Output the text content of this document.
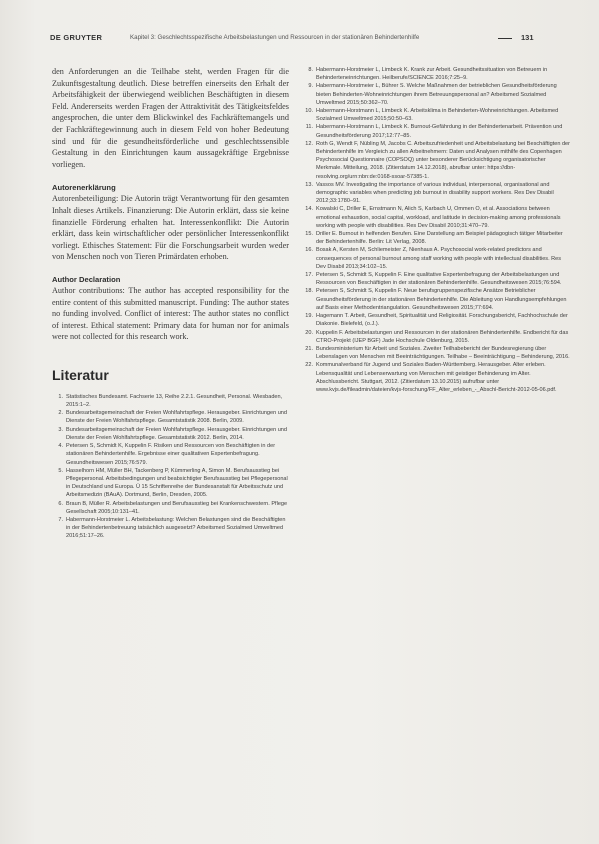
DE GRUYTER	Kapitel 3: Geschlechtsspezifische Arbeitsbelastungen und Ressourcen in der stationären Behindertenhilfe	131

den Anforderungen an die Teilhabe steht, werden Fragen für die Zukunftsgestaltung deutlich. Diese betreffen einerseits den Erhalt der Arbeitsfähigkeit der überwiegend weiblichen Beschäftigten in diesem Feld. Andererseits werden Fragen der Attraktivität des Tätigkeitsfeldes angesprochen, die unter dem Blickwinkel des Fachkräftemangels und der Fachkräftegewinnung auch in diesem Feld von hoher Bedeutung sind und für die gesundheitsförderliche und geschlechtssensible Gestaltung in den Einrichtungen kaum aussagekräftige Ergebnisse vorliegen.

Autorenerklärung

Autorenbeteiligung: Die Autorin trägt Verantwortung für den gesamten Inhalt dieses Artikels. Finanzierung: Die Autorin erklärt, dass sie keine finanzielle Förderung erhalten hat. Interessenkonflikt: Die Autorin erklärt, dass kein wirtschaftlicher oder persönlicher Interessenkonflikt vorliegt. Ethisches Statement: Für die Forschungsarbeit wurden weder von Menschen noch von Tieren Primärdaten erhoben.

Author Declaration

Author contributions: The author has accepted responsibility for the entire content of this submitted manuscript. Funding: The author states no funding involved. Conflict of interest: The author states no conflict of interest. Ethical statement: Primary data for human nor for animals were not collected for this research work.

Literatur
1. Statistisches Bundesamt. Fachserie 13, Reihe 2.2.1. Gesundheit, Personal. Wiesbaden, 2015:1–2.
2. Bundesarbeitsgemeinschaft der Freien Wohlfahrtspflege. Herausgeber. Einrichtungen und Dienste der Freien Wohlfahrtspflege. Gesamtstatistik 2008. Berlin, 2009.
3. Bundesarbeitsgemeinschaft der Freien Wohlfahrtspflege. Herausgeber. Einrichtungen und Dienste der Freien Wohlfahrtspflege. Gesamtstatistik 2012. Berlin, 2014.
4. Petersen S, Schmidt K, Kuppelin F. Risiken und Ressourcen von Beschäftigten in der stationären Behindertenhilfe. Ergebnisse einer qualitativen Expertenbefragung. Gesundheitswesen 2015;76:579.
5. Hasselhorn HM, Müller BH, Tackenberg P, Kümmerling A, Simon M. Berufsausstieg bei Pflegepersonal. Arbeitsbedingungen und beabsichtigter Berufsausstieg bei Pflegepersonal in Deutschland und Europa. Ü 15 Schriftenreihe der Bundesanstalt für Arbeitsschutz und Arbeitsmedizin (BAuA). Dortmund, Berlin, Dresden, 2005.
6. Braun B, Müller R. Arbeitsbelastungen und Berufsausstieg bei Krankenschwestern. Pflege Gesellschaft 2005;10:131–41.
7. Habermann-Horstmeier L. Arbeitsbelastung: Welchen Belastungen sind die Beschäftigten in der Behindertenbetreuung tatsächlich ausgesetzt? Arbeitsmed Sozialmed Umweltmed 2016;51:17–26.
8. Habermann-Horstmeier L, Limbeck K. Krank zur Arbeit. Gesundheitssituation von Betreuern in Behinderteneinrichtungen. Heilberufe/SCIENCE 2016;7:25–9.
9. Habermann-Horstmeier L, Bührer S. Welche Maßnahmen der betrieblichen Gesundheitsförderung bieten Behinderten-Wohneinrichtungen ihrem Betreuungspersonal an? Arbeitsmed Sozialmed Umweltmed 2015;50:362–70.
10. Habermann-Horstmann L, Limbeck K. Arbeitsklima in Behinderten-Wohneinrichtungen. Arbeitsmed Sozialmed Umweltmed 2015;50:50–63.
11. Habermann-Horstmann L, Limbeck K. Burnout-Gefährdung in der Behindertenarbeit. Prävention und Gesundheitsförderung 2017;12:77–85.
12. Roth G, Wendt F, Nübling M, Jacobs C. Arbeitszufriedenheit und Arbeitsbelastung bei Beschäftigten der Behindertenhilfe im Vergleich zu allen Arbeitnehmern: Daten und Analysen mithilfe des Copenhagen Psychosocial Questionnaire (COPSOQ) unter besonderer Berücksichtigung organisatorischer Merkmale. Mitteilung, 2018. (Zitierdatum 14.12.2018), abrufbar unter: https://dbn-resolving.org/urn:nbn:de:0168-ssoar-57385-1.
13. Vassos MV. Investigating the importance of various individual, interpersonal, organisational and demographic variables when predicting job burnout in disability support workers. Res Dev Disabil 2012;33:1780–91.
14. Kowalski C, Driller E, Ernstmann N, Alich S, Karbach U, Ommen O, et al. Associations between emotional exhaustion, social capital, workload, and latitude in decision-making among professionals working with people with disabilities. Res Dev Disabil 2010;31:470–79.
15. Driller E. Burnout in helfenden Berufen. Eine Darstellung am Beispiel pädagogisch tätiger Mitarbeiter der Behindertenhilfe. Berlin: Lit Verlag, 2008.
16. Bosak A, Kersten M, Schliemeister Z, Nienhaus A. Psychosocial work-related predictors and consequences of personal burnout among staff working with people with intellectual disabilities. Res Dev Disabil 2013;34:102–15.
17. Petersen S, Schmidt S, Kuppelin F. Eine qualitative Expertenbefragung der Arbeitsbelastungen und Ressourcen von Beschäftigten in der stationären Behindertenhilfe. Gesundheitswesen 2015;76:594.
18. Petersen S, Schmidt S, Kuppelin F. Neue berufsgruppenspezifische Ansätze Betrieblicher Gesundheitsförderung in der stationären Behindertenhilfe. Die Ableitung von Handlungsempfehlungen auf Basis einer Methodentriangulation. Gesundheitswesen 2015;77:694.
19. Hagemann T. Arbeit, Gesundheit, Spiritualität und Religiosität. Forschungsbericht, Fachhochschule der Diakonie. Bielefeld, (o.J.).
20. Kuppelin F. Arbeitsbelastungen und Ressourcen in der stationären Behindertenhilfe. Endbericht für das CTRO-Projekt (IJEP BGF) Jade Hochschule Oldenburg, 2015.
21. Bundesministerium für Arbeit und Soziales. Zweiter Teilhabebericht der Bundesregierung über Lebenslagen von Menschen mit Beeinträchtigungen. Teilhabe – Beeinträchtigung – Behinderung, 2016.
22. Kommunalverband für Jugend und Soziales Baden-Württemberg. Herausgeber. Alter erleben. Lebensqualität und Lebenserwartung von Menschen mit geistiger Behinderung im Alter. Abschlussbericht. Stuttgart, 2012. (Zitierdatum 13.10.2015) aufrufbar unter www.kvjs.de/fileadmin/dateien/kvjs-forschung/FF_Alter_erleben_-_Abschl-Bericht-2012-05-06.pdf.
